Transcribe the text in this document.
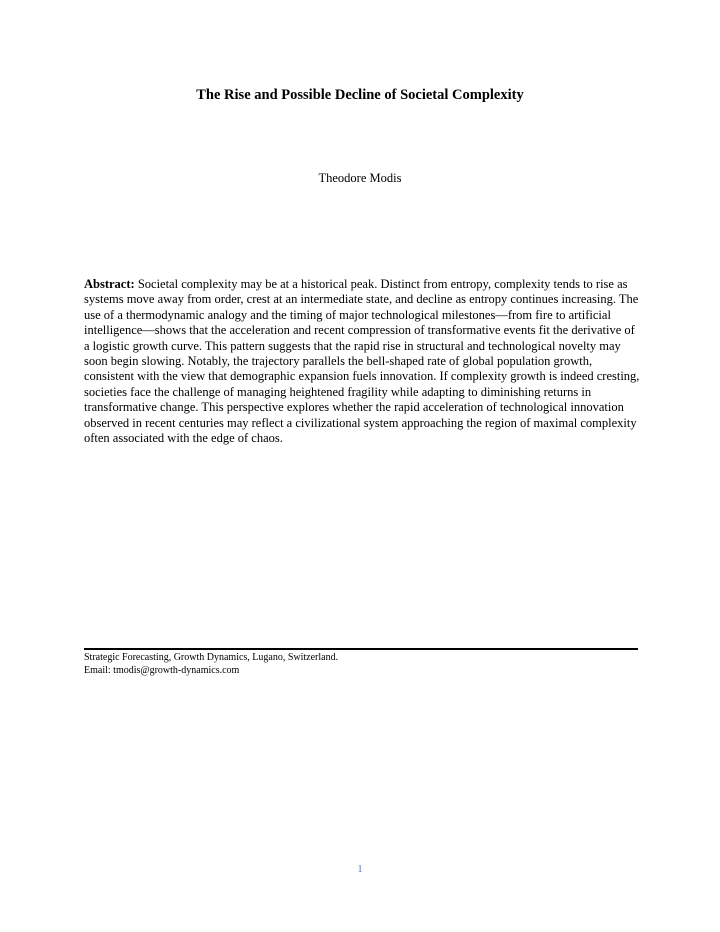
The Rise and Possible Decline of Societal Complexity
Theodore Modis

Abstract: Societal complexity may be at a historical peak. Distinct from entropy, complexity tends to rise as systems move away from order, crest at an intermediate state, and decline as entropy continues increasing. The use of a thermodynamic analogy and the timing of major technological milestones—from fire to artificial intelligence—shows that the acceleration and recent compression of transformative events fit the derivative of a logistic growth curve. This pattern suggests that the rapid rise in structural and technological novelty may soon begin slowing. Notably, the trajectory parallels the bell-shaped rate of global population growth, consistent with the view that demographic expansion fuels innovation. If complexity growth is indeed cresting, societies face the challenge of managing heightened fragility while adapting to diminishing returns in transformative change. This perspective explores whether the rapid acceleration of technological innovation observed in recent centuries may reflect a civilizational system approaching the region of maximal complexity often associated with the edge of chaos.

Strategic Forecasting, Growth Dynamics, Lugano, Switzerland.
Email: tmodis@growth-dynamics.com
1
